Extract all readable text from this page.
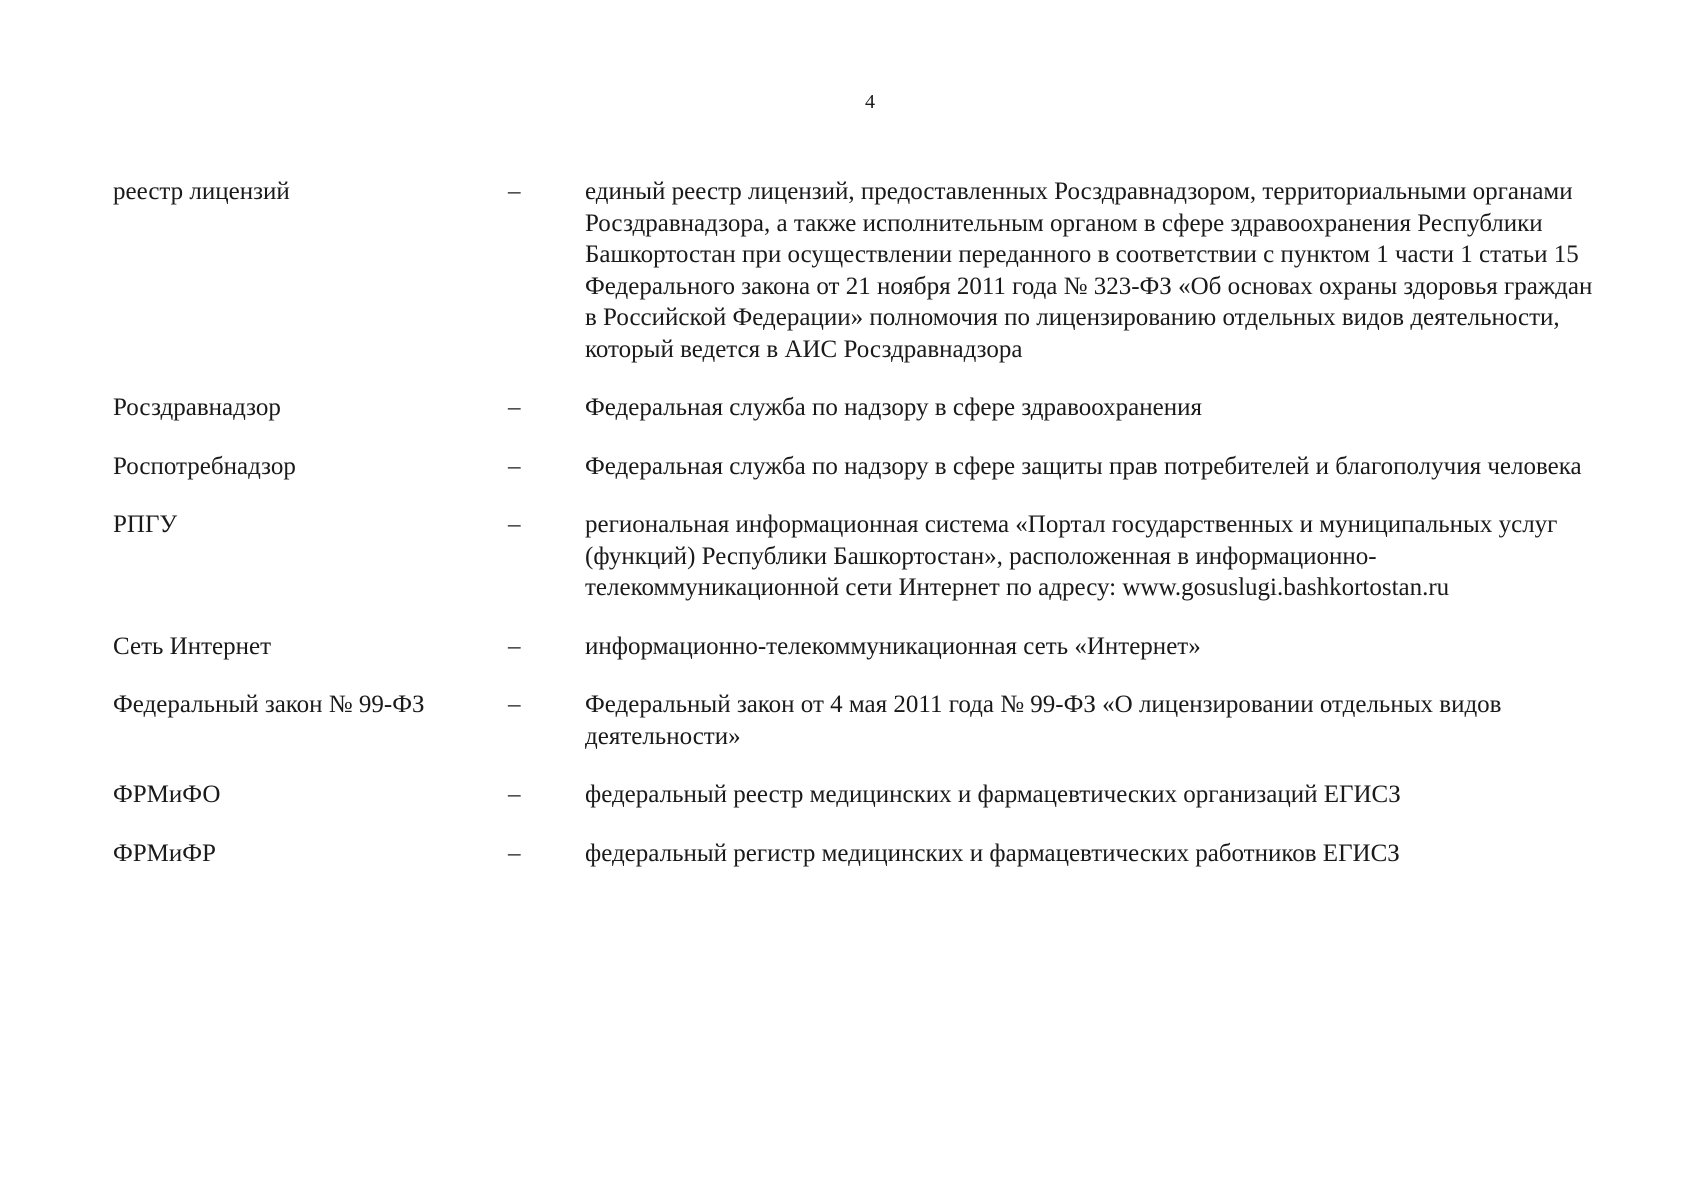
4
реестр лицензий	–	единый реестр лицензий, предоставленных Росздравнадзором, территориальными органами Росздравнадзора, а также исполнительным органом в сфере здравоохранения Республики Башкортостан при осуществлении переданного в соответствии с пунктом 1 части 1 статьи 15 Федерального закона от 21 ноября 2011 года № 323-ФЗ «Об основах охраны здоровья граждан в Российской Федерации» полномочия по лицензированию отдельных видов деятельности, который ведется в АИС Росздравнадзора
Росздравнадзор	–	Федеральная служба по надзору в сфере здравоохранения
Роспотребнадзор	–	Федеральная служба по надзору в сфере защиты прав потребителей и благополучия человека
РПГУ	–	региональная информационная система «Портал государственных и муниципальных услуг (функций) Республики Башкортостан», расположенная в информационно-телекоммуникационной сети Интернет по адресу: www.gosuslugi.bashkortostan.ru
Сеть Интернет	–	информационно-телекоммуникационная сеть «Интернет»
Федеральный закон № 99-ФЗ	–	Федеральный закон от 4 мая 2011 года № 99-ФЗ «О лицензировании отдельных видов деятельности»
ФРМиФО	–	федеральный реестр медицинских и фармацевтических организаций ЕГИСЗ
ФРМиФР	–	федеральный регистр медицинских и фармацевтических работников ЕГИСЗ
